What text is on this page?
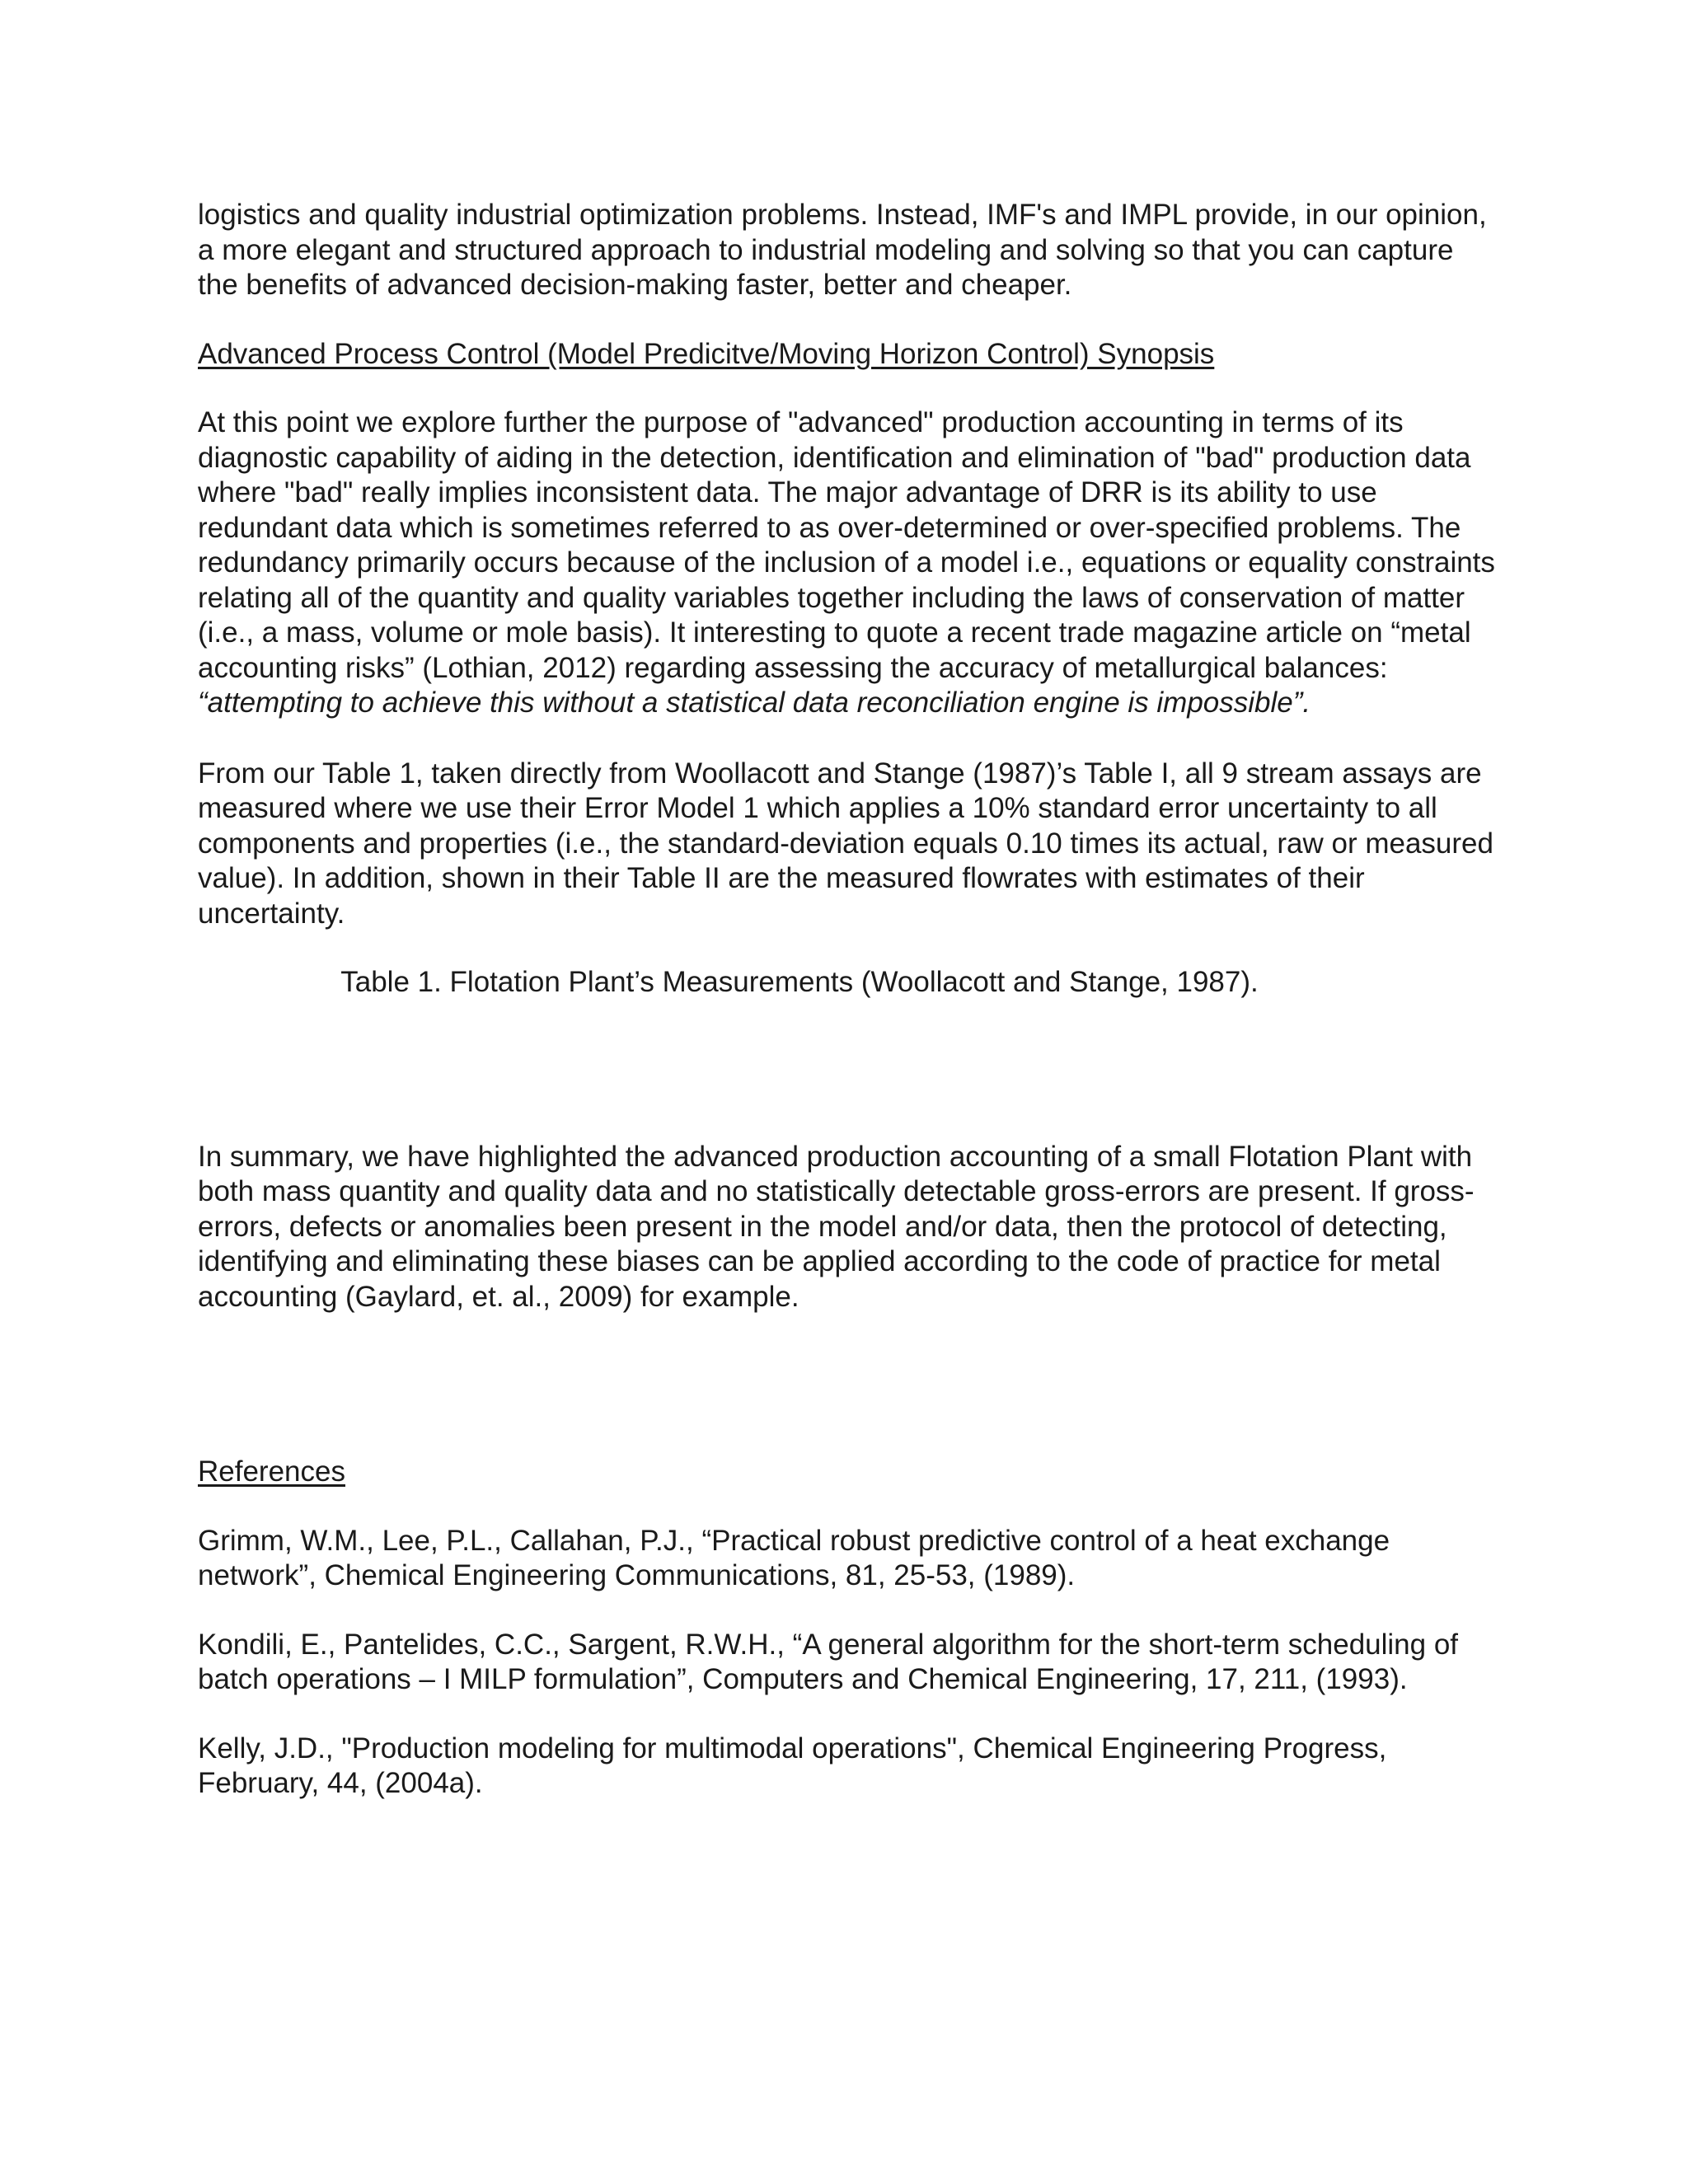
logistics and quality industrial optimization problems. Instead, IMF's and IMPL provide, in our opinion, a more elegant and structured approach to industrial modeling and solving so that you can capture the benefits of advanced decision-making faster, better and cheaper.

Advanced Process Control (Model Predicitve/Moving Horizon Control) Synopsis

At this point we explore further the purpose of "advanced" production accounting in terms of its diagnostic capability of aiding in the detection, identification and elimination of "bad" production data where "bad" really implies inconsistent data. The major advantage of DRR is its ability to use redundant data which is sometimes referred to as over-determined or over-specified problems. The redundancy primarily occurs because of the inclusion of a model i.e., equations or equality constraints relating all of the quantity and quality variables together including the laws of conservation of matter (i.e., a mass, volume or mole basis). It interesting to quote a recent trade magazine article on “metal accounting risks” (Lothian, 2012) regarding assessing the accuracy of metallurgical balances: “attempting to achieve this without a statistical data reconciliation engine is impossible”.

From our Table 1, taken directly from Woollacott and Stange (1987)’s Table I, all 9 stream assays are measured where we use their Error Model 1 which applies a 10% standard error uncertainty to all components and properties (i.e., the standard-deviation equals 0.10 times its actual, raw or measured value). In addition, shown in their Table II are the measured flowrates with estimates of their uncertainty.

Table 1. Flotation Plant’s Measurements (Woollacott and Stange, 1987).

In summary, we have highlighted the advanced production accounting of a small Flotation Plant with both mass quantity and quality data and no statistically detectable gross-errors are present. If gross-errors, defects or anomalies been present in the model and/or data, then the protocol of detecting, identifying and eliminating these biases can be applied according to the code of practice for metal accounting (Gaylard, et. al., 2009) for example.

References

Grimm, W.M., Lee, P.L., Callahan, P.J., “Practical robust predictive control of a heat exchange network”, Chemical Engineering Communications, 81, 25-53, (1989).

Kondili, E., Pantelides, C.C., Sargent, R.W.H., “A general algorithm for the short-term scheduling of batch operations – I MILP formulation”, Computers and Chemical Engineering, 17, 211, (1993).

Kelly, J.D., "Production modeling for multimodal operations", Chemical Engineering Progress, February, 44, (2004a).
